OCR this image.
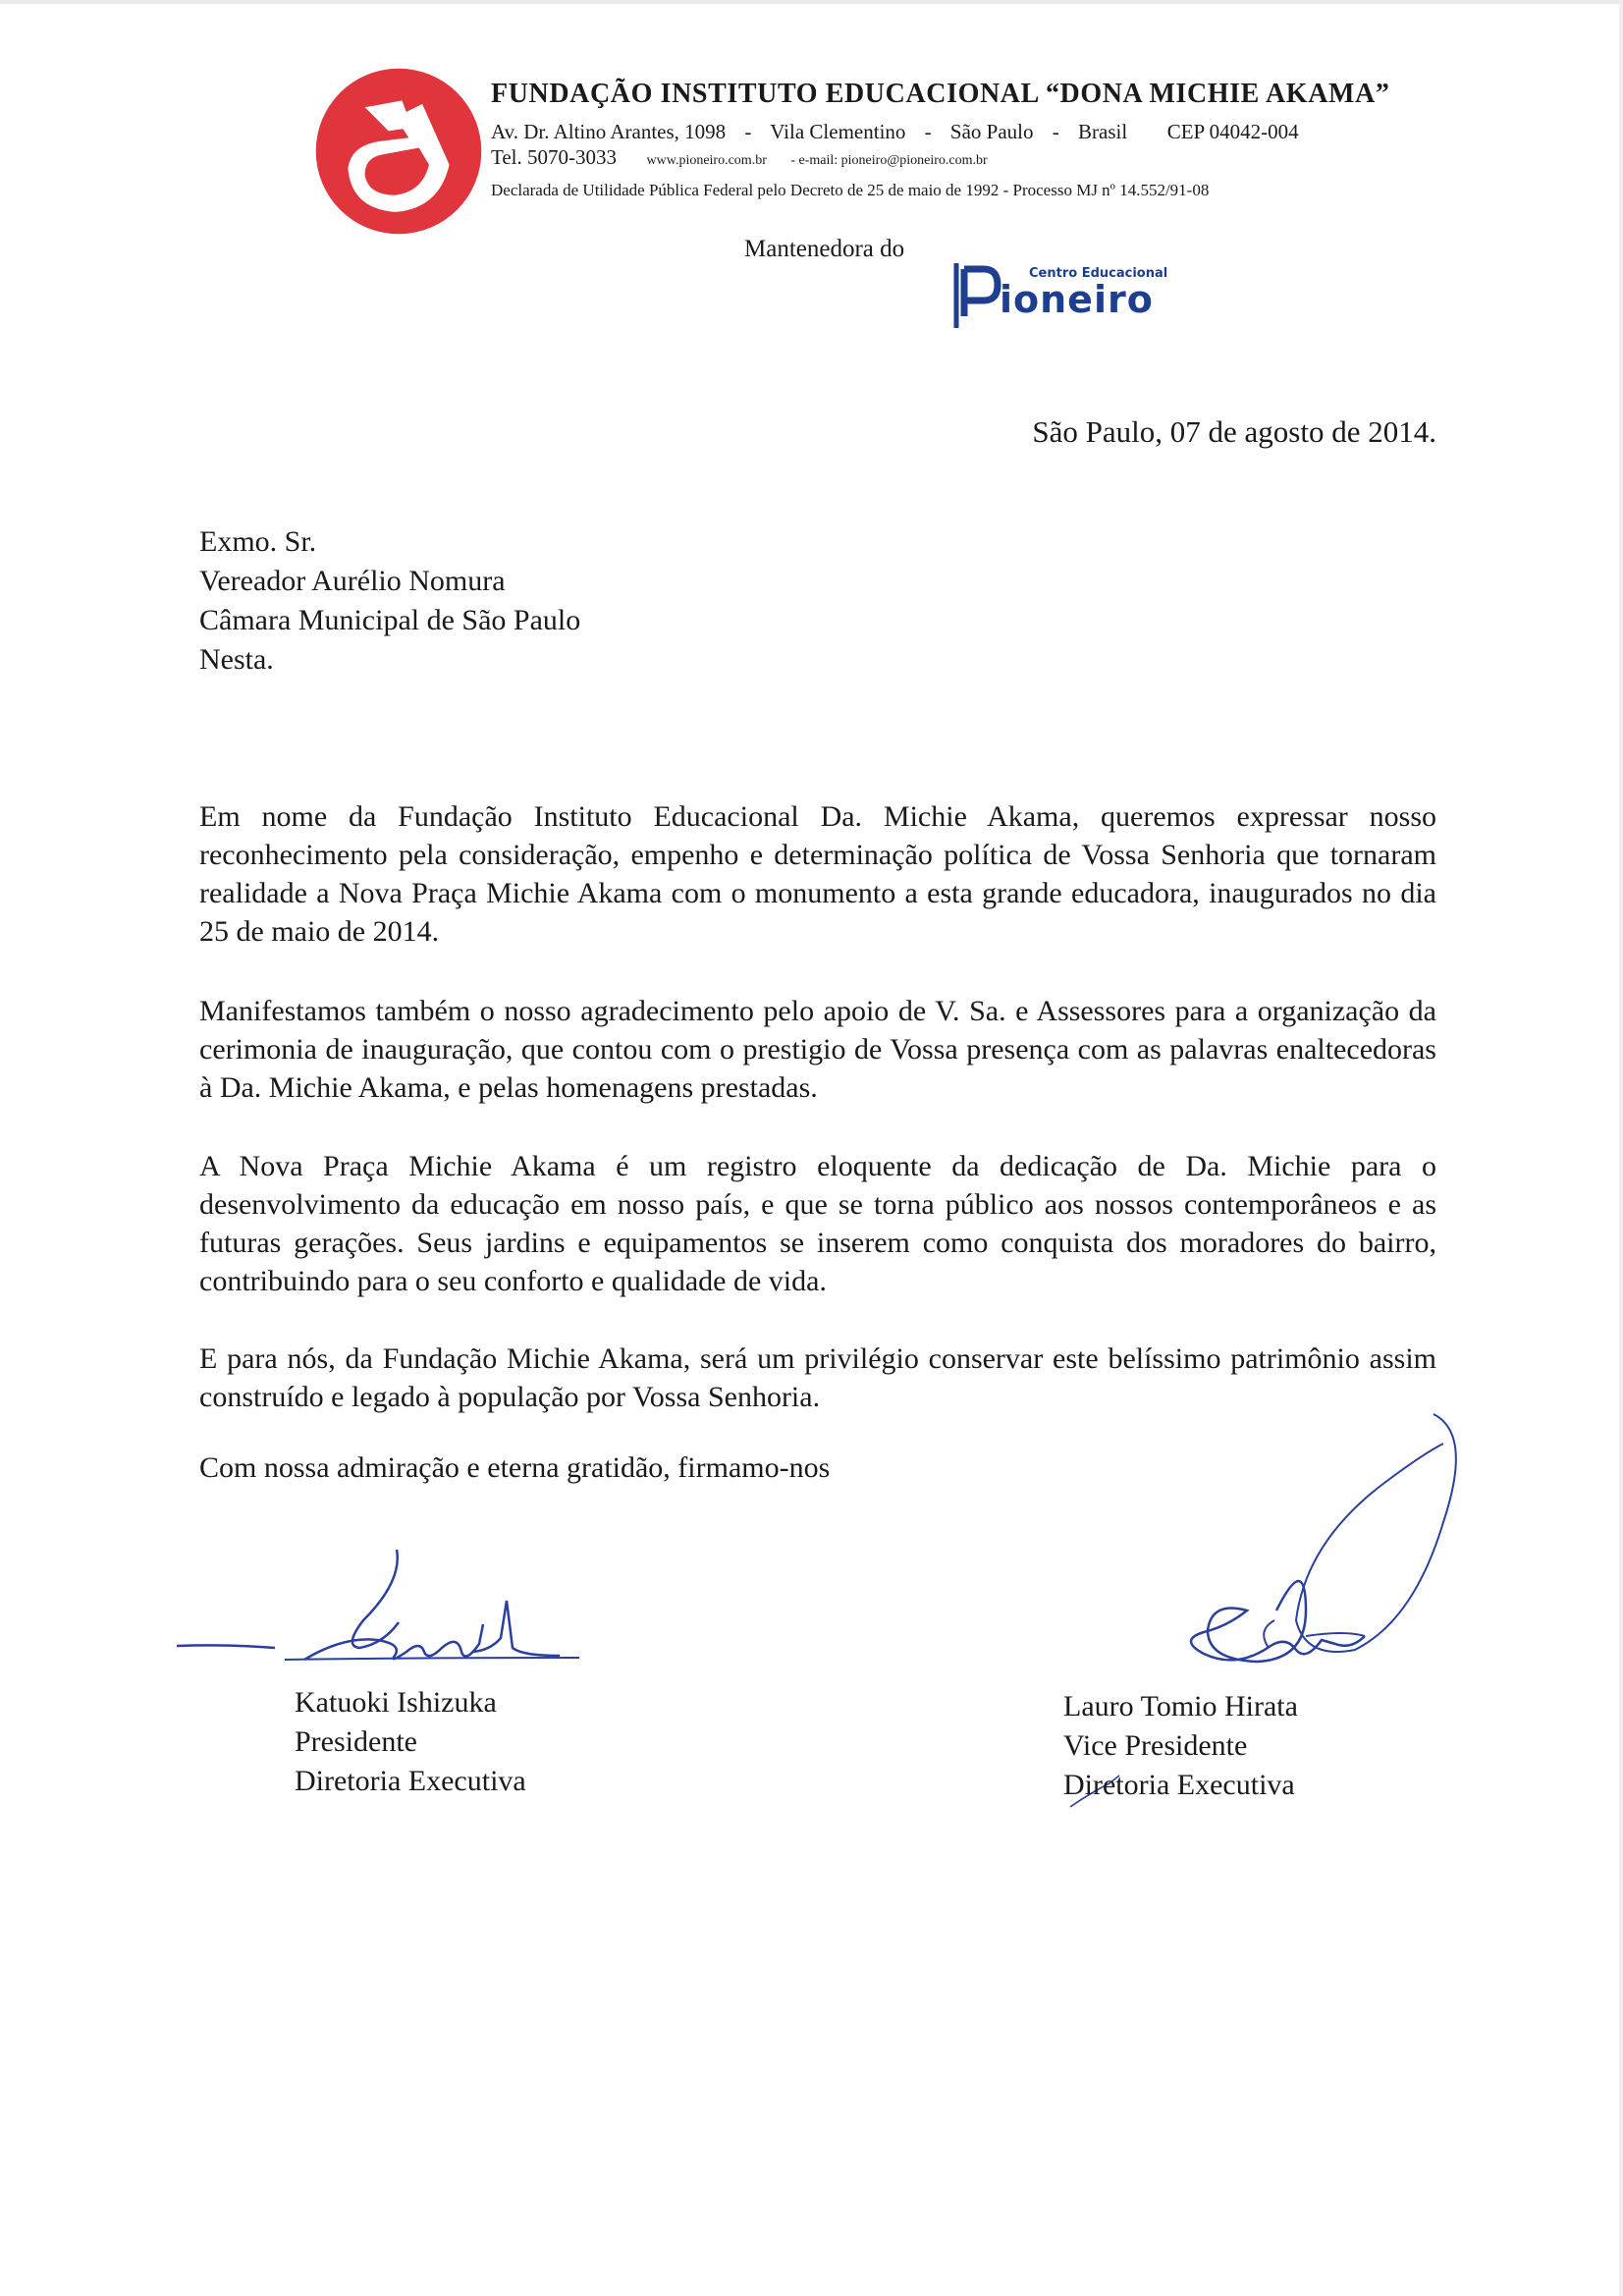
FUNDAÇÃO INSTITUTO EDUCACIONAL “DONA MICHIE AKAMA”
Av. Dr. Altino Arantes, 1098 - Vila Clementino - São Paulo - Brasil CEP 04042-004
Tel. 5070-3033 www.pioneiro.com.br - e-mail: pioneiro@pioneiro.com.br
Declarada de Utilidade Pública Federal pelo Decreto de 25 de maio de 1992 - Processo MJ nº 14.552/91-08
Mantenedora do
Centro Educacional
ioneiro
São Paulo, 07 de agosto de 2014.
Exmo. Sr.
Vereador Aurélio Nomura
Câmara Municipal de São Paulo
Nesta.
Em nome da Fundação Instituto Educacional Da. Michie Akama, queremos expressar nosso reconhecimento pela consideração, empenho e determinação política de Vossa Senhoria que tornaram realidade a Nova Praça Michie Akama com o monumento a esta grande educadora, inaugurados no dia 25 de maio de 2014.
Manifestamos também o nosso agradecimento pelo apoio de V. Sa. e Assessores para a organização da cerimonia de inauguração, que contou com o prestigio de Vossa presença com as palavras enaltecedoras à Da. Michie Akama, e pelas homenagens prestadas.
A Nova Praça Michie Akama é um registro eloquente da dedicação de Da. Michie para o desenvolvimento da educação em nosso país, e que se torna público aos nossos contemporâneos e as futuras gerações. Seus jardins e equipamentos se inserem como conquista dos moradores do bairro, contribuindo para o seu conforto e qualidade de vida.
E para nós, da Fundação Michie Akama, será um privilégio conservar este belíssimo patrimônio assim construído e legado à população por Vossa Senhoria.
Com nossa admiração e eterna gratidão, firmamo-nos
Katuoki Ishizuka
Presidente
Diretoria Executiva
Lauro Tomio Hirata
Vice Presidente
Diretoria Executiva
